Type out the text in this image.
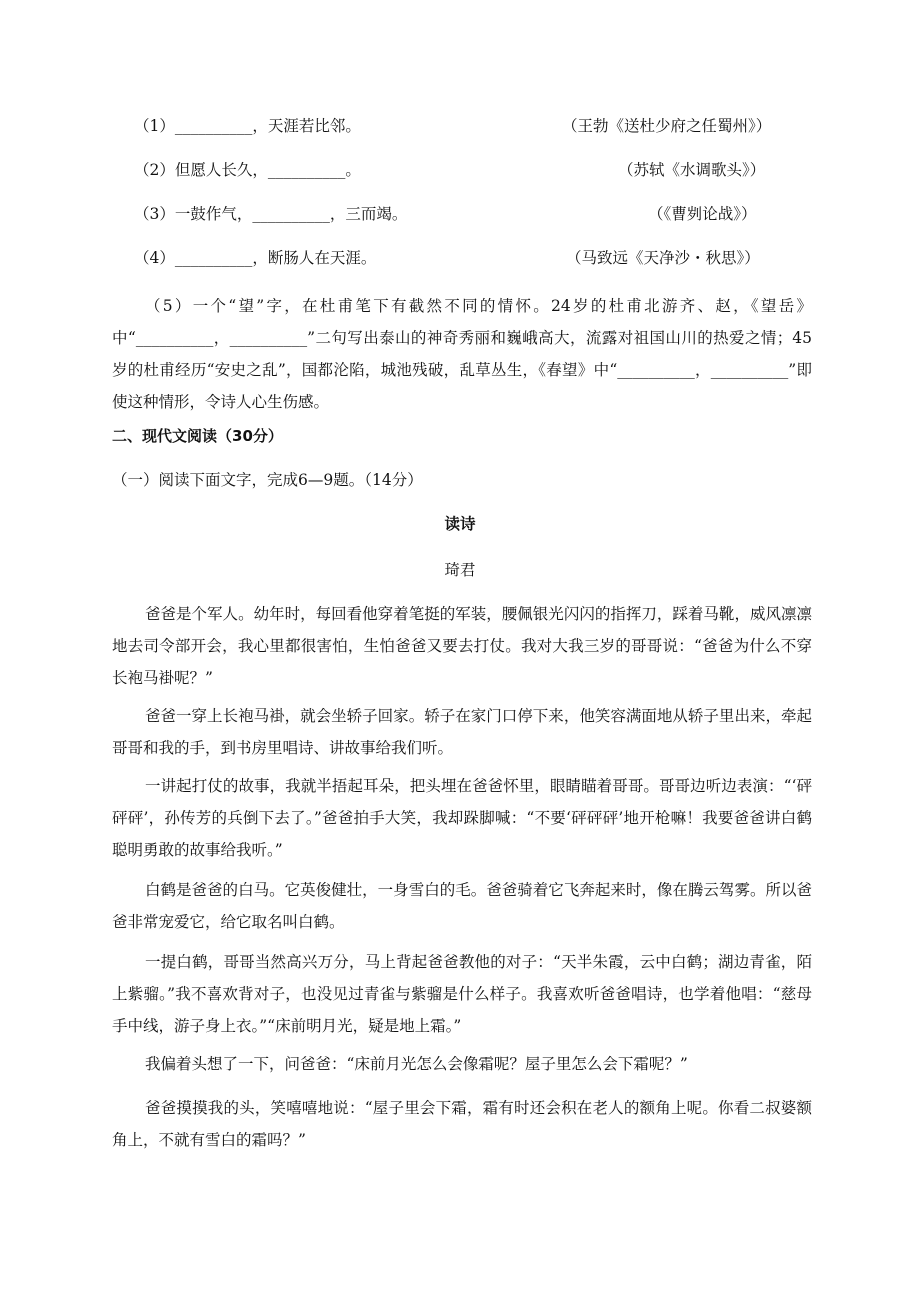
（1）__________，天涯若比邻。	（王勃《送杜少府之任蜀州》）
（2）但愿人长久，__________。	（苏轼《水调歌头》）
（3）一鼓作气，__________，三而竭。	（《曹刿论战》）
（4）__________，断肠人在天涯。	（马致远《天净沙・秋思》）
（5）一个“望”字，在杜甫笔下有截然不同的情怀。24岁的杜甫北游齐、赵，《望岳》中“__________，__________”二句写出泰山的神奇秀丽和巍峨高大，流露对祖国山川的热爱之情；45岁的杜甫经历“安史之乱”，国都沦陷，城池残破，乱草丛生，《春望》中“__________，__________”即使这种情形，令诗人心生伤感。
二、现代文阅读（30分）
（一）阅读下面文字，完成6—9题。（14分）
读诗
琦君
爸爸是个军人。幼年时，每回看他穿着笔挺的军装，腰佩银光闪闪的指挥刀，踩着马靴，威风凛凛地去司令部开会，我心里都很害怕，生怕爸爸又要去打仗。我对大我三岁的哥哥说：“爸爸为什么不穿长袍马褂呢？”
爸爸一穿上长袍马褂，就会坐轿子回家。轿子在家门口停下来，他笑容满面地从轿子里出来，牵起哥哥和我的手，到书房里唱诗、讲故事给我们听。
一讲起打仗的故事，我就半捂起耳朵，把头埋在爸爸怀里，眼睛瞄着哥哥。哥哥边听边表演：“‘砰砰砰’，孙传芳的兵倒下去了。”爸爸拍手大笑，我却跺脚喊：“不要‘砰砰砰’地开枪嘛！我要爸爸讲白鹤聪明勇敢的故事给我听。”
白鹤是爸爸的白马。它英俊健壮，一身雪白的毛。爸爸骑着它飞奔起来时，像在腾云驾雾。所以爸爸非常宠爱它，给它取名叫白鹤。
一提白鹤，哥哥当然高兴万分，马上背起爸爸教他的对子：“天半朱霞，云中白鹤；湖边青雀，陌上紫骝。”我不喜欢背对子，也没见过青雀与紫骝是什么样子。我喜欢听爸爸唱诗，也学着他唱：“慈母手中线，游子身上衣。”“床前明月光，疑是地上霜。”
我偏着头想了一下，问爸爸：“床前月光怎么会像霜呢？屋子里怎么会下霜呢？”
爸爸摸摸我的头，笑嘻嘻地说：“屋子里会下霜，霜有时还会积在老人的额角上呢。你看二叔婆额角上，不就有雪白的霜吗？”
